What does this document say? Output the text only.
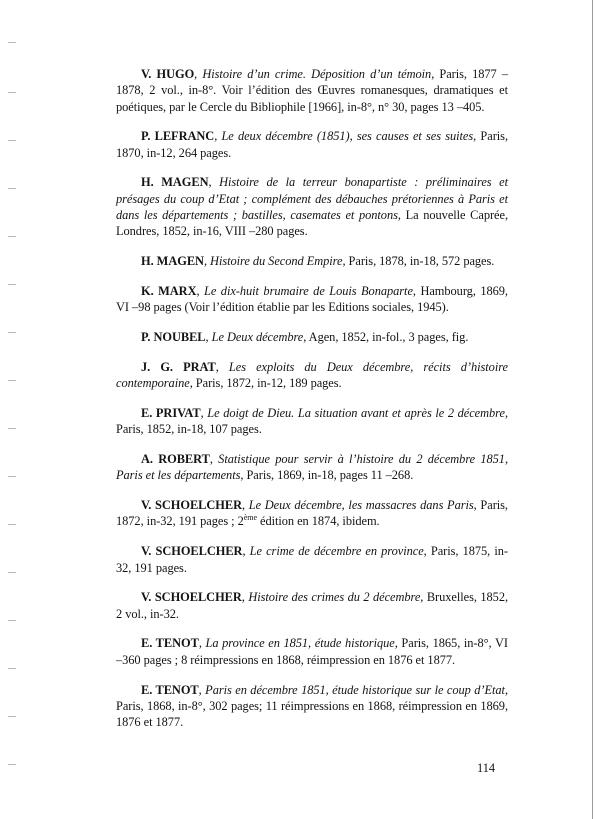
V. HUGO, Histoire d’un crime. Déposition d’un témoin, Paris, 1877 – 1878, 2 vol., in-8°. Voir l’édition des Œuvres romanesques, dramatiques et poétiques, par le Cercle du Bibliophile [1966], in-8°, n° 30, pages 13 –405.

P. LEFRANC, Le deux décembre (1851), ses causes et ses suites, Paris, 1870, in-12, 264 pages.

H. MAGEN, Histoire de la terreur bonapartiste : préliminaires et présages du coup d’Etat ; complément des débauches prétoriennes à Paris et dans les départements ; bastilles, casemates et pontons, La nouvelle Caprée, Londres, 1852, in-16, VIII –280 pages.

H. MAGEN, Histoire du Second Empire, Paris, 1878, in-18, 572 pages.

K. MARX, Le dix-huit brumaire de Louis Bonaparte, Hambourg, 1869, VI –98 pages (Voir l’édition établie par les Editions sociales, 1945).

P. NOUBEL, Le Deux décembre, Agen, 1852, in-fol., 3 pages, fig.

J. G. PRAT, Les exploits du Deux décembre, récits d’histoire contemporaine, Paris, 1872, in-12, 189 pages.

E. PRIVAT, Le doigt de Dieu. La situation avant et après le 2 décembre, Paris, 1852, in-18, 107 pages.

A. ROBERT, Statistique pour servir à l’histoire du 2 décembre 1851, Paris et les départements, Paris, 1869, in-18, pages 11 –268.

V. SCHOELCHER, Le Deux décembre, les massacres dans Paris, Paris, 1872, in-32, 191 pages ; 2ème édition en 1874, ibidem.

V. SCHOELCHER, Le crime de décembre en province, Paris, 1875, in-32, 191 pages.

V. SCHOELCHER, Histoire des crimes du 2 décembre, Bruxelles, 1852, 2 vol., in-32.

E. TENOT, La province en 1851, étude historique, Paris, 1865, in-8°, VI –360 pages ; 8 réimpressions en 1868, réimpression en 1876 et 1877.

E. TENOT, Paris en décembre 1851, étude historique sur le coup d’Etat, Paris, 1868, in-8°, 302 pages; 11 réimpressions en 1868, réimpression en 1869, 1876 et 1877.

114
